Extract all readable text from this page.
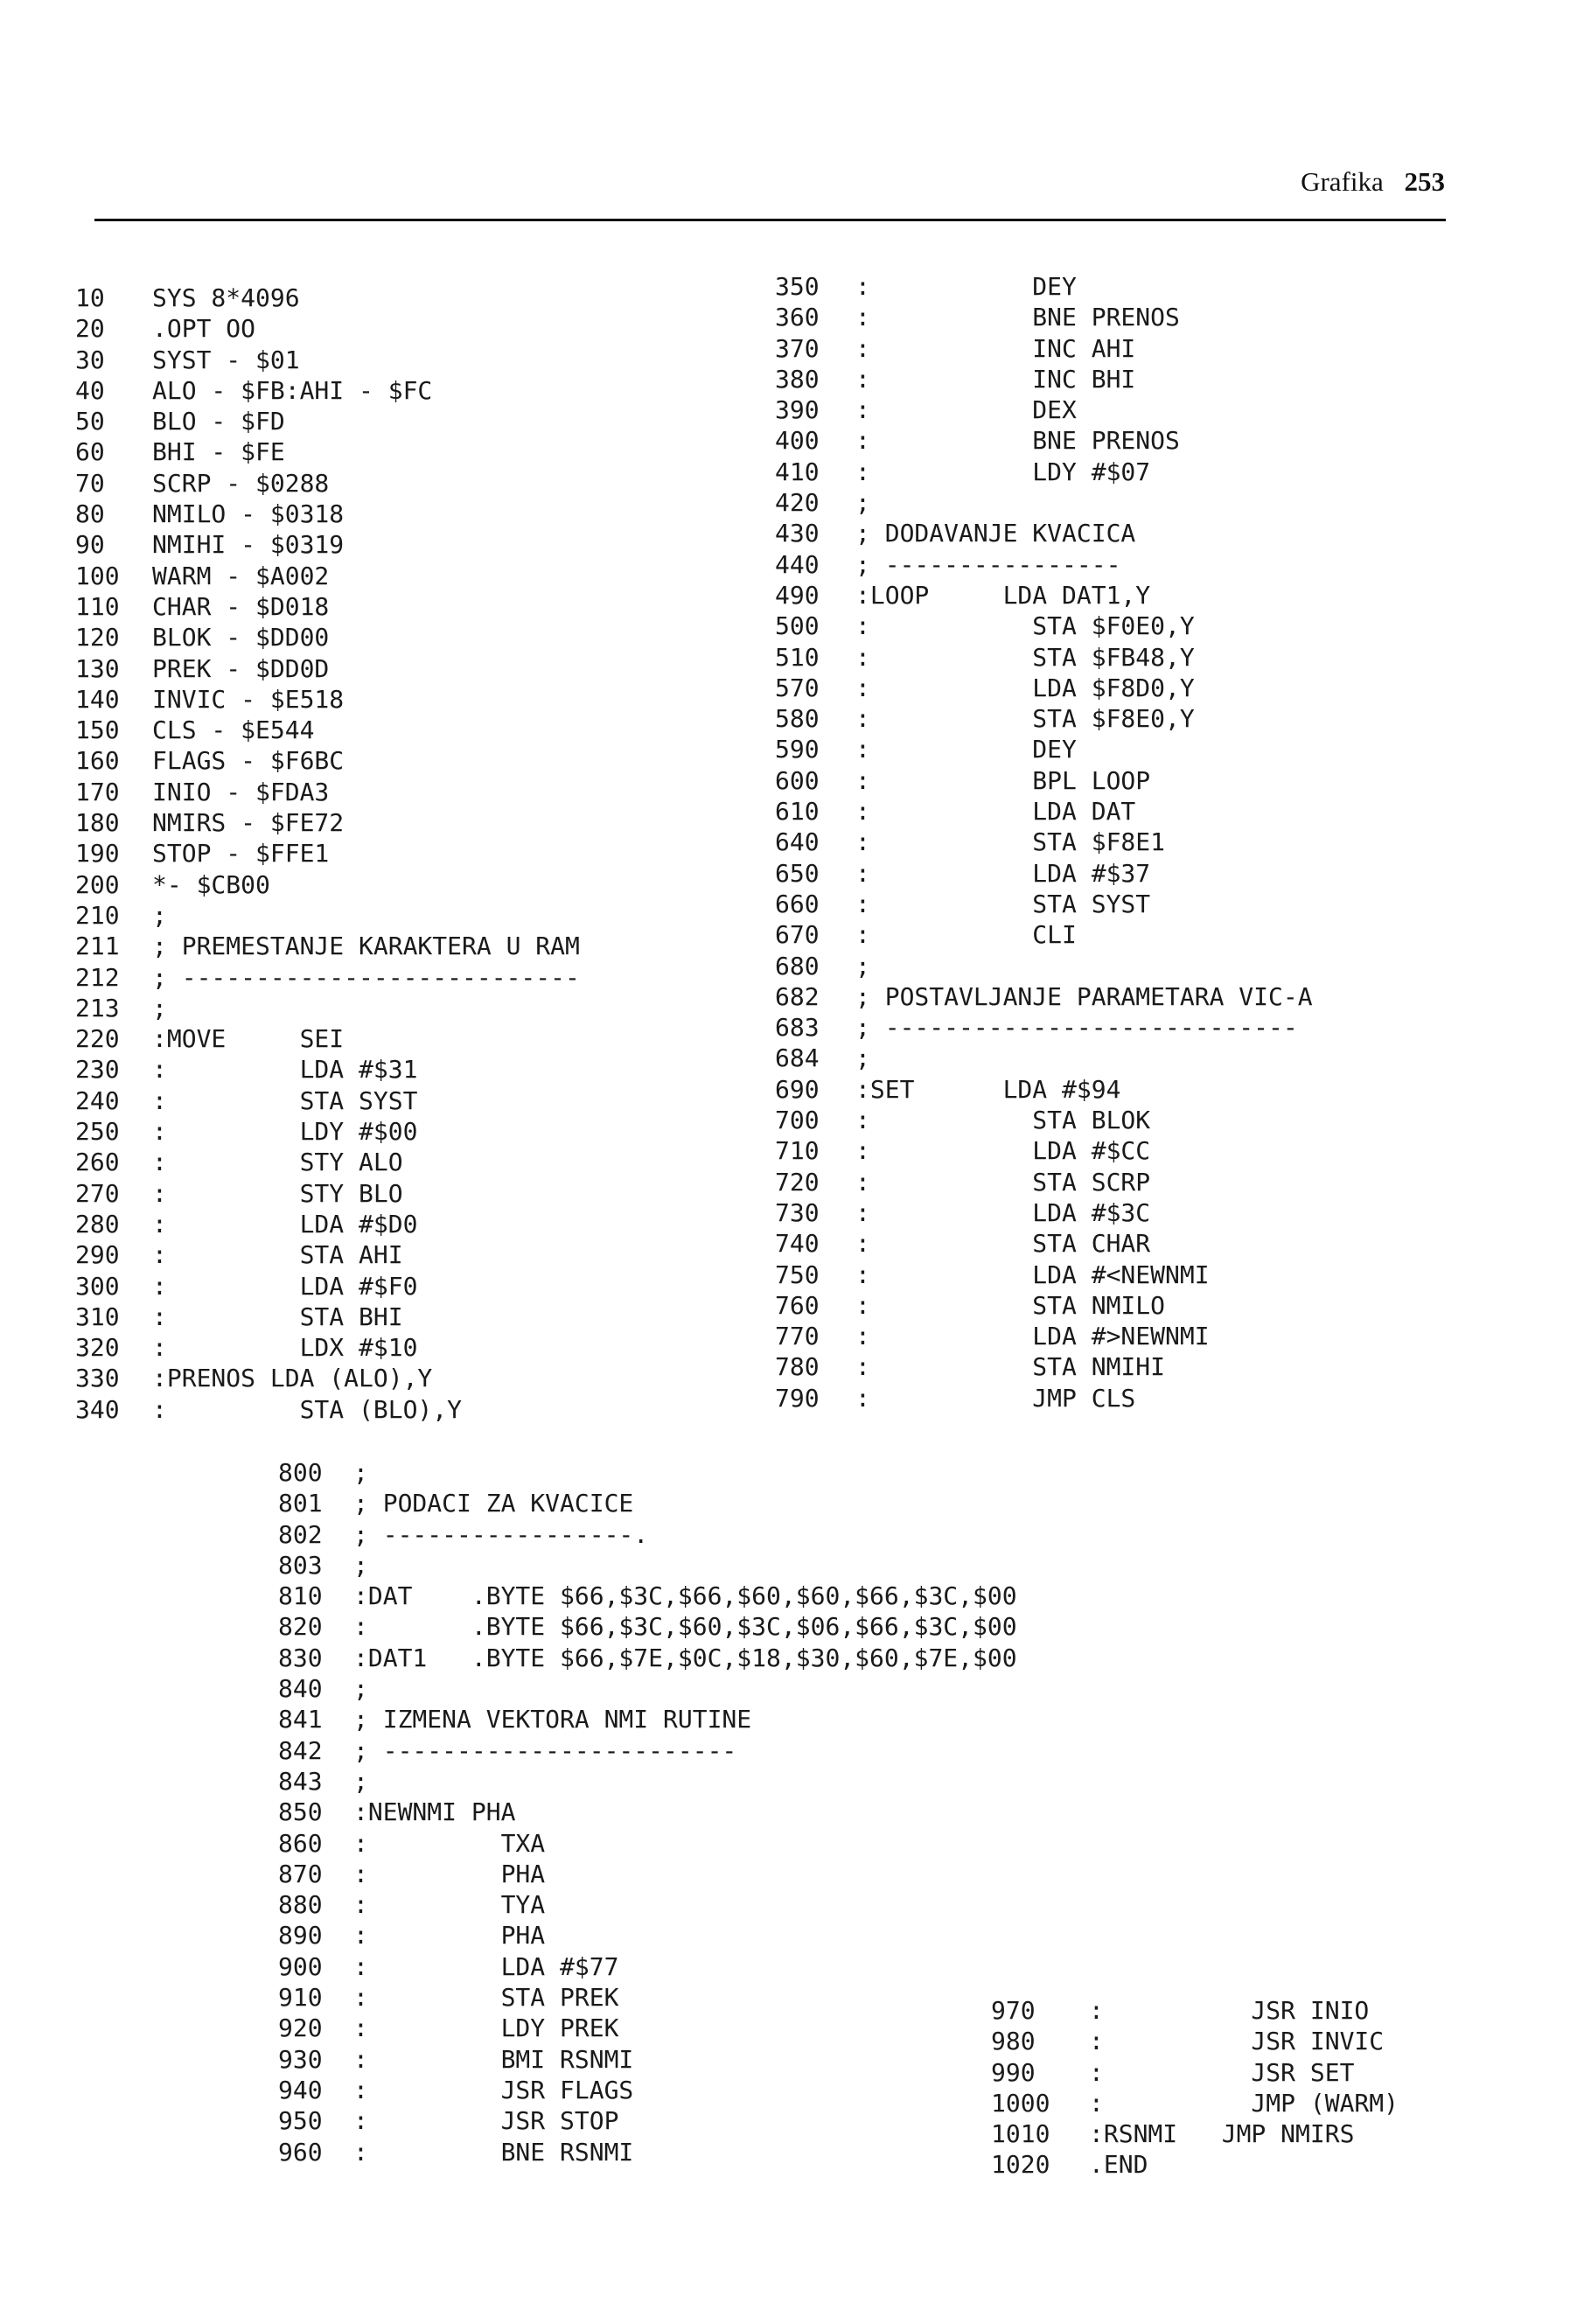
Grafika 253
10 SYS 8*4096
20 .OPT OO
30 SYST - $01
40 ALO - $FB:AHI - $FC
50 BLO - $FD
60 BHI - $FE
70 SCRP - $0288
80 NMILO - $0318
90 NMIHI - $0319
100 WARM - $A002
110 CHAR - $D018
120 BLOK - $DD00
130 PREK - $DD0D
140 INVIC - $E518
150 CLS - $E544
160 FLAGS - $F6BC
170 INIO - $FDA3
180 NMIRS - $FE72
190 STOP - $FFE1
200 *- $CB00
210 ;
211 ; PREMESTANJE KARAKTERA U RAM
212 ; ---------------------------
213 ;
220 :MOVE     SEI
230 :         LDA #$31
240 :         STA SYST
250 :         LDY #$00
260 :         STY ALO
270 :         STY BLO
280 :         LDA #$D0
290 :         STA AHI
300 :         LDA #$F0
310 :         STA BHI
320 :         LDX #$10
330 :PRENOS LDA (ALO),Y
340 :         STA (BLO),Y
350 :           DEY
360 :           BNE PRENOS
370 :           INC AHI
380 :           INC BHI
390 :           DEX
400 :           BNE PRENOS
410 :           LDY #$07
420 ;
430 ; DODAVANJE KVACICA
440 ; ----------------
490 :LOOP     LDA DAT1,Y
500 :           STA $F0E0,Y
510 :           STA $FB48,Y
570 :           LDA $F8D0,Y
580 :           STA $F8E0,Y
590 :           DEY
600 :           BPL LOOP
610 :           LDA DAT
640 :           STA $F8E1
650 :           LDA #$37
660 :           STA SYST
670 :           CLI
680 ;
682 ; POSTAVLJANJE PARAMETARA VIC-A
683 ; ----------------------------
684 ;
690 :SET      LDA #$94
700 :           STA BLOK
710 :           LDA #$CC
720 :           STA SCRP
730 :           LDA #$3C
740 :           STA CHAR
750 :           LDA #<NEWNMI
760 :           STA NMILO
770 :           LDA #>NEWNMI
780 :           STA NMIHI
790 :           JMP CLS
800 ;
801 ; PODACI ZA KVACICE
802 ; -----------------.
803 ;
810 :DAT    .BYTE $66,$3C,$66,$60,$60,$66,$3C,$00
820 :       .BYTE $66,$3C,$60,$3C,$06,$66,$3C,$00
830 :DAT1   .BYTE $66,$7E,$0C,$18,$30,$60,$7E,$00
840 ;
841 ; IZMENA VEKTORA NMI RUTINE
842 ; ------------------------
843 ;
850 :NEWNMI PHA
860 :         TXA
870 :         PHA
880 :         TYA
890 :         PHA
900 :         LDA #$77
910 :         STA PREK
920 :         LDY PREK
930 :         BMI RSNMI
940 :         JSR FLAGS
950 :         JSR STOP
960 :         BNE RSNMI
970 :          JSR INIO
980 :          JSR INVIC
990 :          JSR SET
1000 :          JMP (WARM)
1010 :RSNMI   JMP NMIRS
1020 .END
